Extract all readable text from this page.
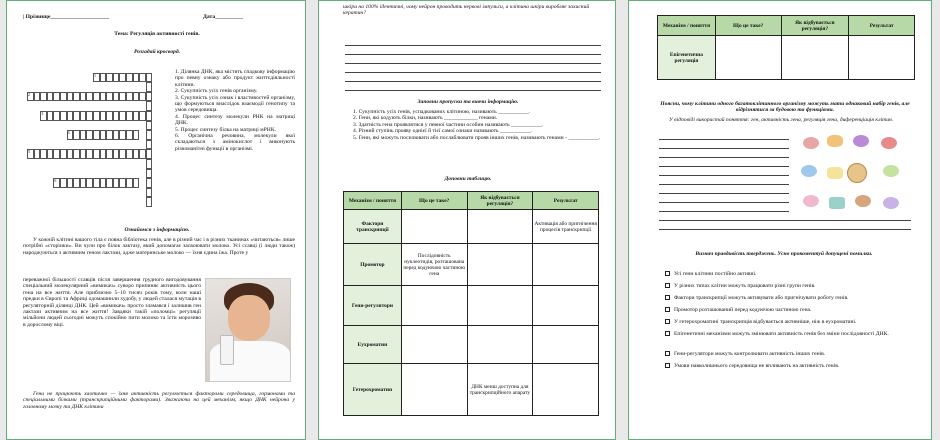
| Прізвище_____________________	Дата__________
Тема: Регуляція активності генів.
Розгадай кросворд.
1
2
3
4
5
6
1. Ділянка ДНК, яка містить спадкову інформацію про певну ознаку або продукт життєдіяльності клітини.
2. Сукупність усіх генів організму.
3. Сукупність усіх ознак і властивостей організму, що формуються внаслідок взаємодії генотипу та умов середовища.
4. Процес синтезу молекули РНК на матриці ДНК.
5. Процес синтезу білка на матриці мРНК.
6. Органічна речовина, молекули якої складаються з амінокислот і виконують різноманітні функції в організмі.
Ознайомся з інформацією.
У кожній клітині вашого тіла є повна бібліотека генів, але в різний час і в різних тканинах «читаються» лише потрібні «сторінки». Ви чули про білок лактазу, який допомагає засвоювати молоко. Усі ссавці (і люди також) народжуються з активним геном лактази, адже материнське молоко — їхня єдина їжа. Проте у
переважної більшості ссавців після завершення грудного вигодовування спеціальний молекулярний «вимикач» суворо припиняє активність цього гена на все життя. Але приблизно 5–10 тисяч років тому, коли наші предки в Європі та Африці одомашнили худобу, у людей сталася мутація в регуляторній ділянці ДНК. Цей «вимикач» просто зламався і залишив ген лактази активним на все життя! Завдяки такій «поломці» регуляції мільйони людей сьогодні можуть спокійно пити молоко та їсти морозиво в дорослому віці.
Гени не працюють хаотично — їхня активність регулюється факторами середовища, гормонами та спеціальними білками (транскрипційними факторами). Зважаючи на цей механізм, якщо ДНК нейрона у головному мозку та ДНК клітини
шкіри на 100% ідентичні, чому нейрон проводить нервові імпульси, а клітина шкіри виробляє захисний кератин?
Заповни пропуски та вивчи інформацію.
1. Сукупність усіх генів, успадкованих клітиною, називають ___________.
2. Гени, які кодують білки, називають ____________ генами.
3. Здатність гена проявлятися у певної частини особин називають ___________.
4. Різний ступінь прояву однієї й тієї самої ознаки називають ___________.
5. Гени, які можуть посилювати або послаблювати прояв інших генів, називають генами - ___________.
Доповни таблицю.
Механізм / поняття	Що це таке?	Як відбувається регуляція?	Результат
Фактори транскрипції			Активація або пригнічення процесів транскрипції
Промотор	Послідовність нуклеотидів, розташована перед кодуючою частиною гена		
Гени-регулятори			
Еухроматин			
Гетерохроматин		ДНК менш доступна для транскрипційного апарату	
Механізм / поняття	Що це таке?	Як відбувається регуляція?	Результат
Епігенетична регуляція			
Поясни, чому клітини одного багатоклітинного організму можуть мати однаковий набір генів, але відрізнятися за будовою та функціями.
У відповіді використай поняття: ген, активність гена, регуляція гена, диференціація клітин.
Визнач правдивість тверджень. Усно прокоментуй допущені помилки.
Усі гени клітини постійно активні.
У різних типах клітин можуть працювати різні групи генів.
Фактори транскрипції можуть активувати або пригнічувати роботу генів.
Промотор розташований перед кодуючою частиною гена.
У гетерохроматині транскрипція відбувається активніше, ніж в еухроматині.
Епігенетичні механізми можуть змінювати активність генів без зміни послідовності ДНК.
Гени-регулятори можуть контролювати активність інших генів.
Умови навколишнього середовища не впливають на активність генів.
